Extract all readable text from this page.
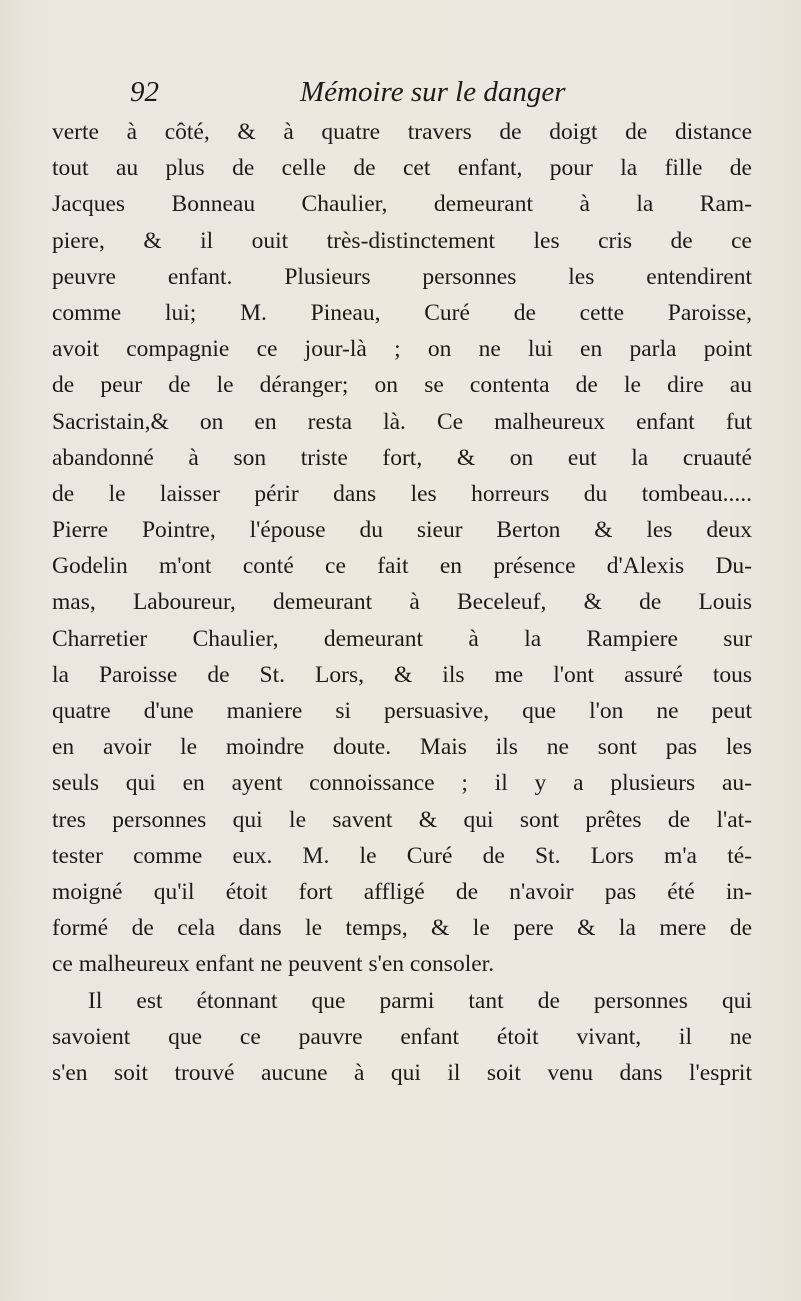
92	Mémoire sur le danger
verte à côté, & à quatre travers de doigt de distance
tout au plus de celle de cet enfant, pour la fille de
Jacques Bonneau Chaulier, demeurant à la Ram-
piere, & il ouit très-distinctement les cris de ce
peuvre enfant. Plusieurs personnes les entendirent
comme lui; M. Pineau, Curé de cette Paroisse,
avoit compagnie ce jour-là ; on ne lui en parla point
de peur de le déranger; on se contenta de le dire au
Sacristain,& on en resta là. Ce malheureux enfant fut
abandonné à son triste fort, & on eut la cruauté
de le laisser périr dans les horreurs du tombeau.....
Pierre Pointre, l'épouse du sieur Berton & les deux
Godelin m'ont conté ce fait en présence d'Alexis Du-
mas, Laboureur, demeurant à Beceleuf, & de Louis
Charretier Chaulier, demeurant à la Rampiere sur
la Paroisse de St. Lors, & ils me l'ont assuré tous
quatre d'une maniere si persuasive, que l'on ne peut
en avoir le moindre doute. Mais ils ne sont pas les
seuls qui en ayent connoissance ; il y a plusieurs au-
tres personnes qui le savent & qui sont prêtes de l'at-
tester comme eux. M. le Curé de St. Lors m'a té-
moigné qu'il étoit fort affligé de n'avoir pas été in-
formé de cela dans le temps, & le pere & la mere de
ce malheureux enfant ne peuvent s'en consoler.
Il est étonnant que parmi tant de personnes qui
savoient que ce pauvre enfant étoit vivant, il ne
s'en soit trouvé aucune à qui il soit venu dans l'esprit
